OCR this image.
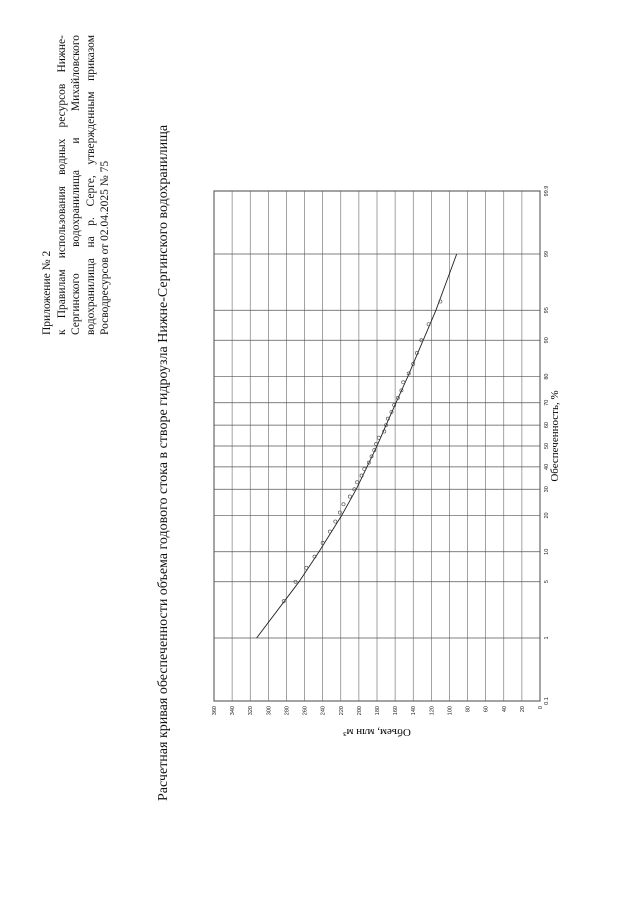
Приложение № 2 к Правилам использования водных ресурсов Нижне-Сергинского водохранилища и Михайловского водохранилища на р. Серге, утвержденным приказом Росводресурсов от 02.04.2025 № 75	Расчетная кривая обеспеченности объема годового стока в створе гидроузла Нижне-Сергинского водохранилища	360 340 320 300 280 260 240 220 200 180 160 140 120 100 80 60 40 20 0
0.1
1
5
10
20
30
40
50
60
70
80
90
95
99
99.9
Обеспеченность, %
Объем, млн м³
